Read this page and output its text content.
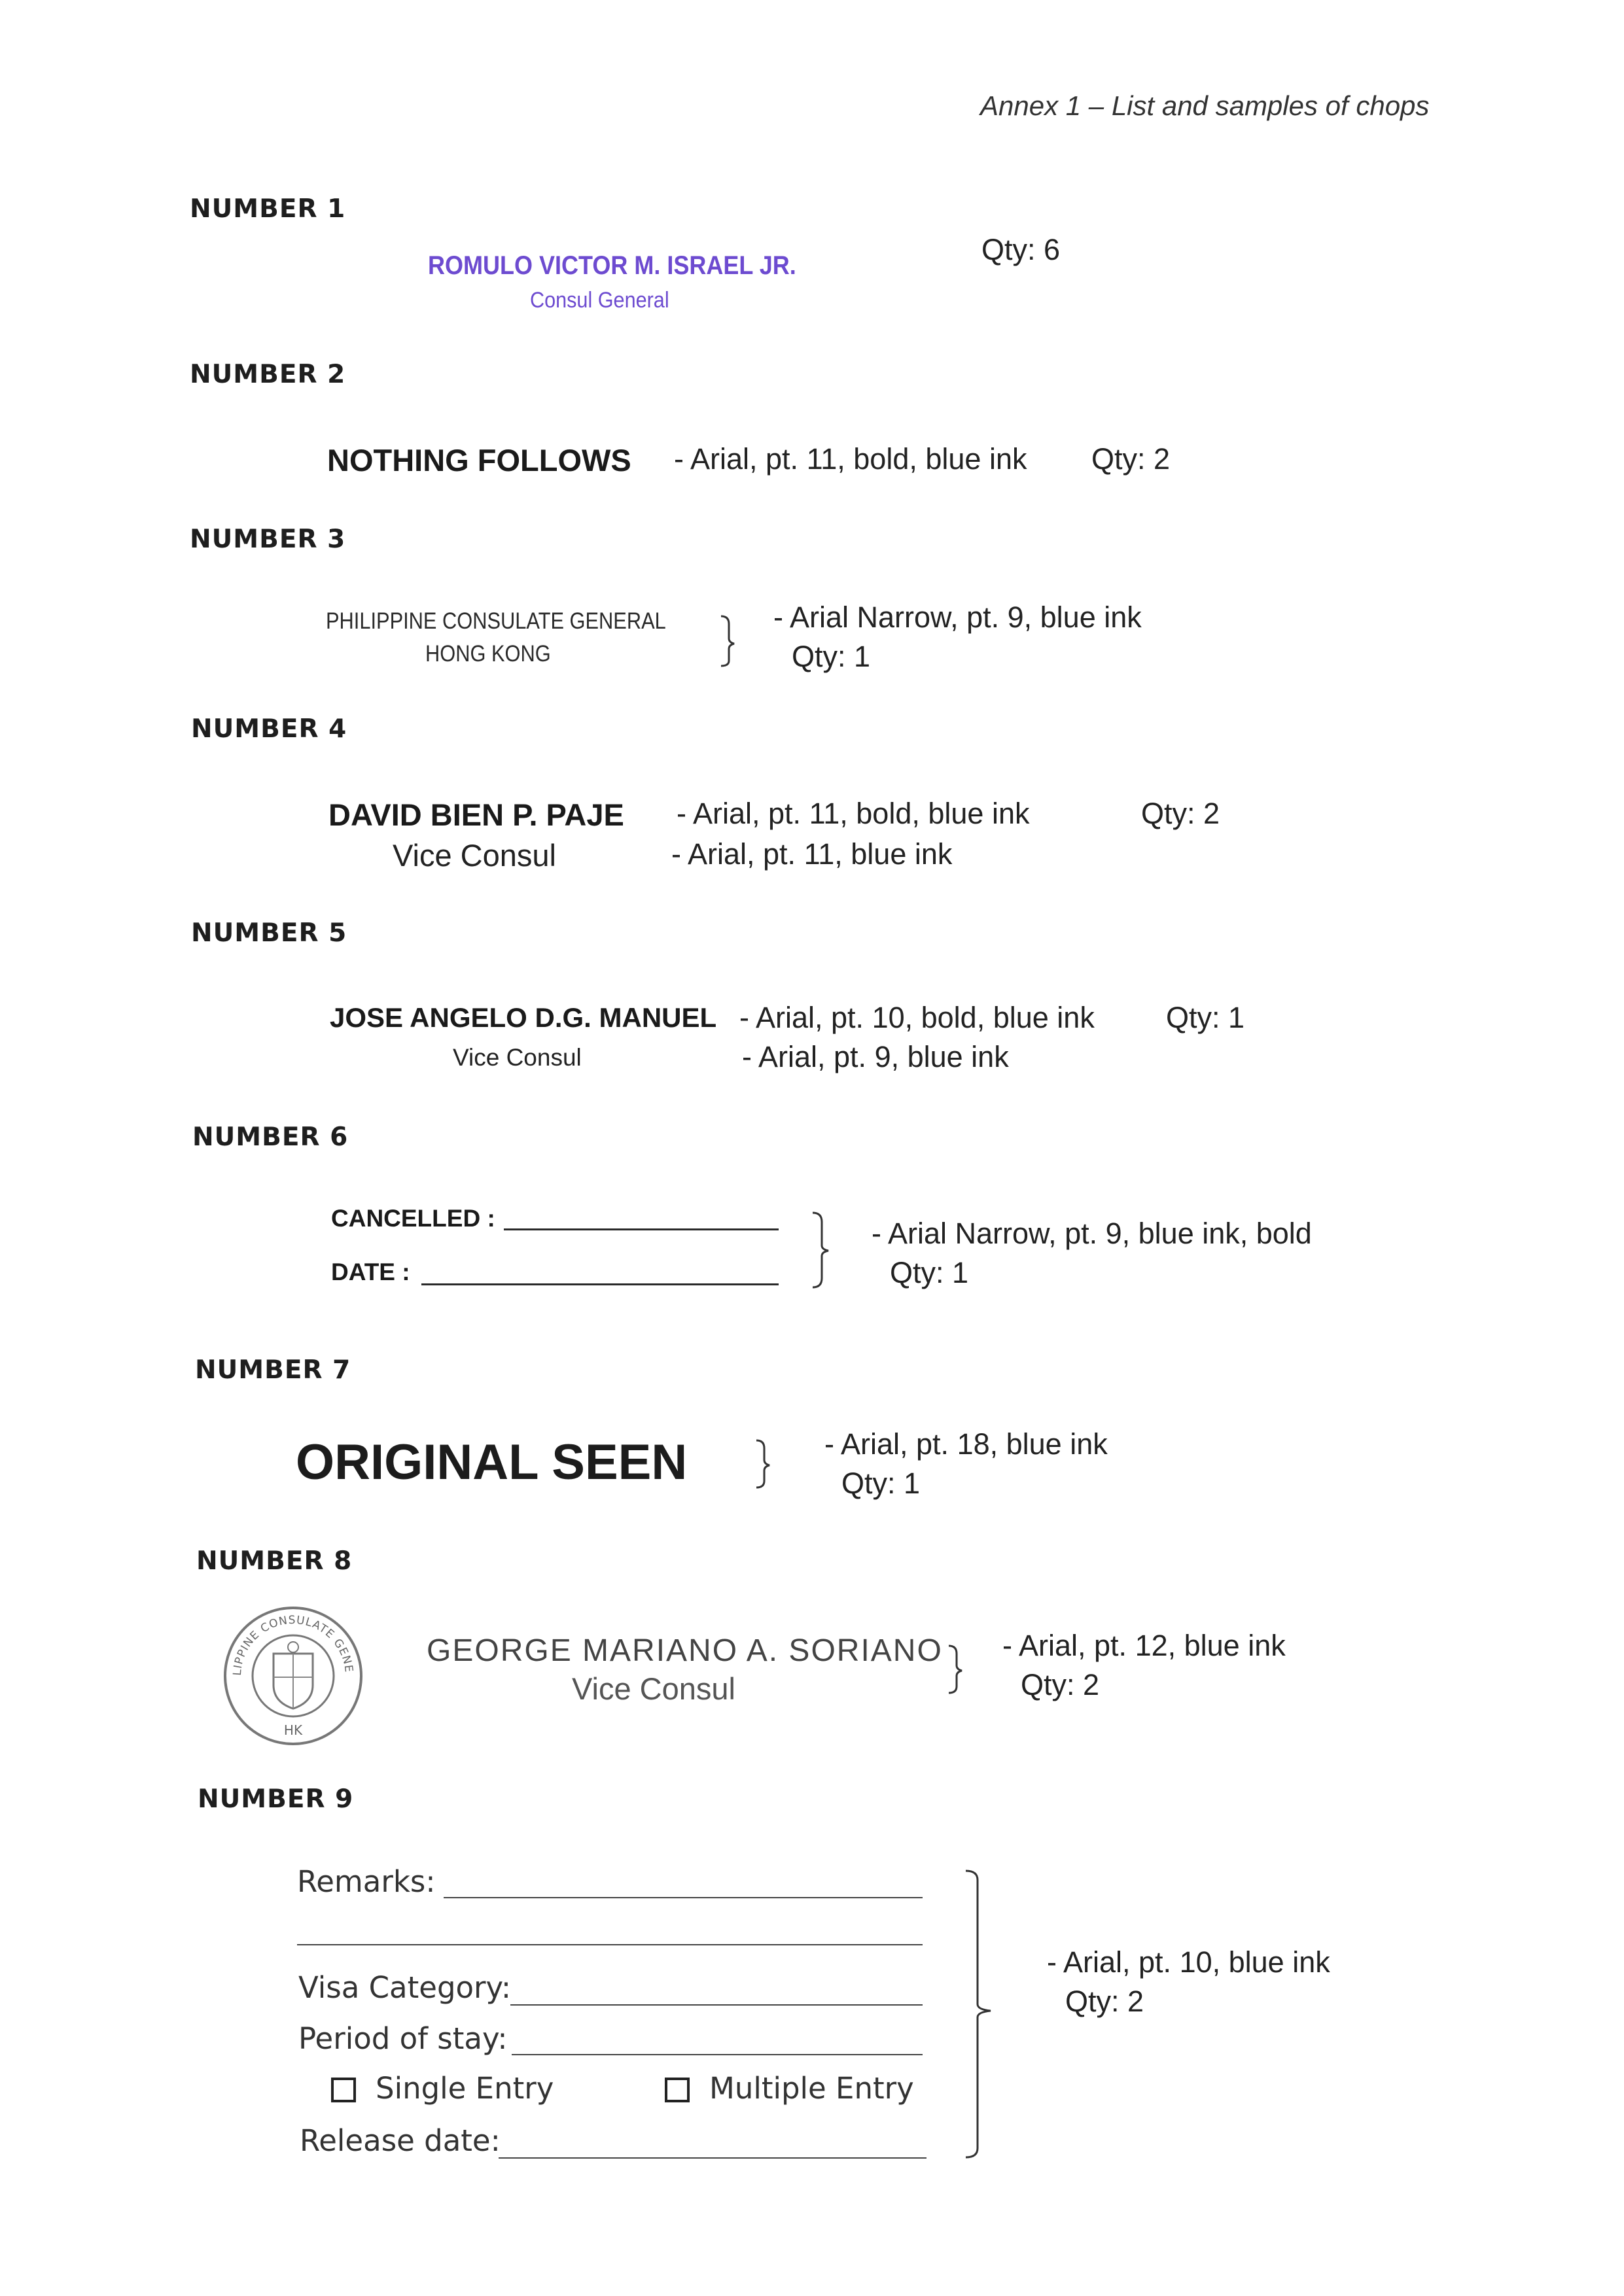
Annex 1 – List and samples of chops
NUMBER 1
ROMULO VICTOR M. ISRAEL JR.
Consul General
Qty: 6
NUMBER 2
NOTHING FOLLOWS - Arial, pt. 11, bold, blue ink Qty: 2
NUMBER 3
PHILIPPINE CONSULATE GENERAL
HONG KONG
- Arial Narrow, pt. 9, blue ink
Qty: 1
NUMBER 4
DAVID BIEN P. PAJE
Vice Consul
- Arial, pt. 11, bold, blue ink
- Arial, pt. 11, blue ink
Qty: 2
NUMBER 5
JOSE ANGELO D.G. MANUEL
Vice Consul
- Arial, pt. 10, bold, blue ink
- Arial, pt. 9, blue ink
Qty: 1
NUMBER 6
CANCELLED :
DATE :
- Arial Narrow, pt. 9, blue ink, bold
Qty: 1
NUMBER 7
ORIGINAL SEEN	- Arial, pt. 18, blue ink
Qty: 1
NUMBER 8
PHILIPPINE CONSULATE GENERAL
HK
GEORGE MARIANO A. SORIANO
Vice Consul
- Arial, pt. 12, blue ink
Qty: 2
NUMBER 9
Remarks:
Visa Category:
Period of stay:
Single Entry	Multiple Entry
Release date:
- Arial, pt. 10, blue ink
Qty: 2
